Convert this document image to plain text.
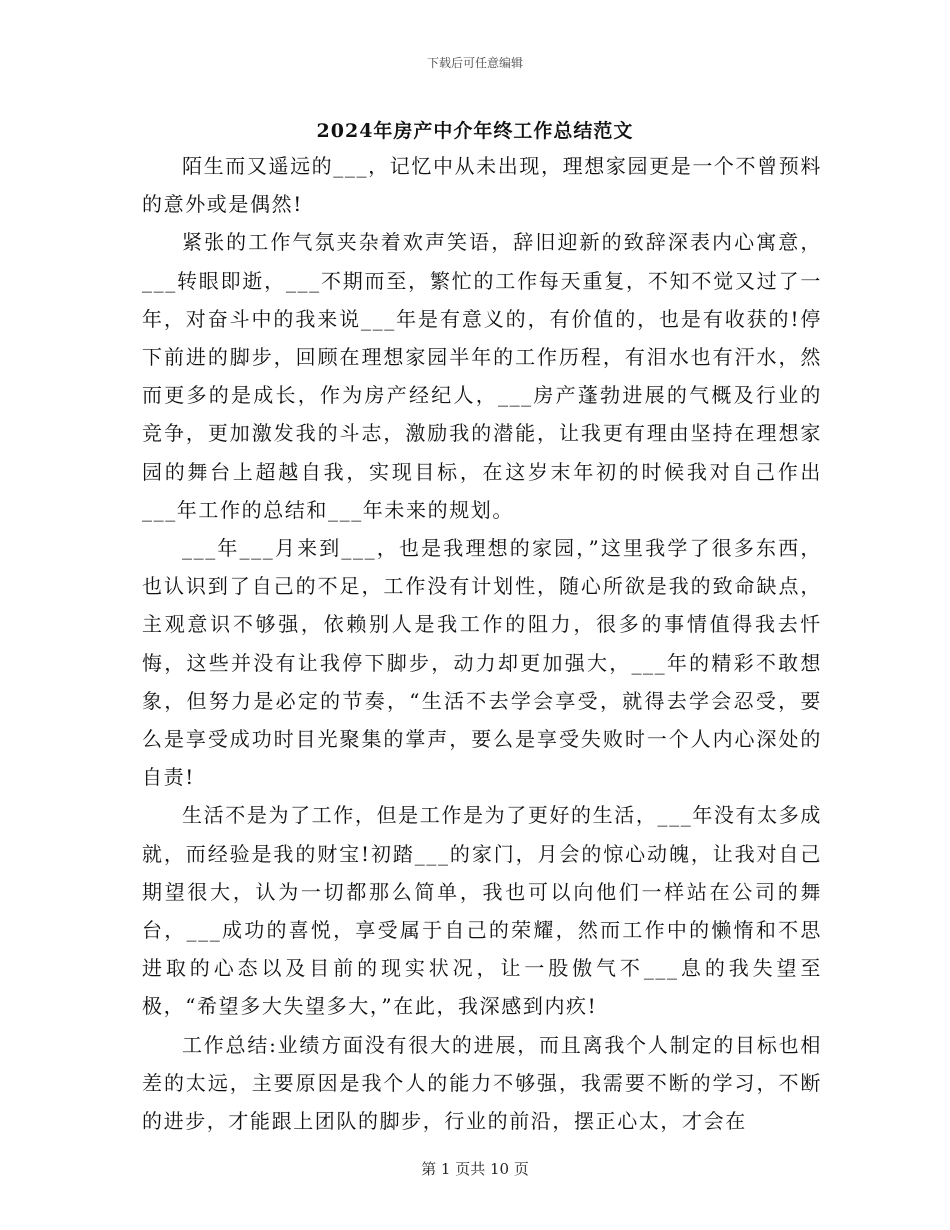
下载后可任意编辑
2024年房产中介年终工作总结范文

陌生而又遥远的___，记忆中从未出现，理想家园更是一个不曾预料的意外或是偶然!

紧张的工作气氛夹杂着欢声笑语，辞旧迎新的致辞深表内心寓意，___转眼即逝，___不期而至，繁忙的工作每天重复，不知不觉又过了一年，对奋斗中的我来说___年是有意义的，有价值的，也是有收获的!停下前进的脚步，回顾在理想家园半年的工作历程，有泪水也有汗水，然而更多的是成长，作为房产经纪人，___房产蓬勃进展的气概及行业的竞争，更加激发我的斗志，激励我的潜能，让我更有理由坚持在理想家园的舞台上超越自我，实现目标，在这岁末年初的时候我对自己作出___年工作的总结和___年未来的规划。

___年___月来到___，也是我理想的家园，”这里我学了很多东西，也认识到了自己的不足，工作没有计划性，随心所欲是我的致命缺点，主观意识不够强，依赖别人是我工作的阻力，很多的事情值得我去忏悔，这些并没有让我停下脚步，动力却更加强大，___年的精彩不敢想象，但努力是必定的节奏，“生活不去学会享受，就得去学会忍受，要么是享受成功时目光聚集的掌声，要么是享受失败时一个人内心深处的自责!

生活不是为了工作，但是工作是为了更好的生活，___年没有太多成就，而经验是我的财宝!初踏___的家门，月会的惊心动魄，让我对自己期望很大，认为一切都那么简单，我也可以向他们一样站在公司的舞台，___成功的喜悦，享受属于自己的荣耀，然而工作中的懒惰和不思进取的心态以及目前的现实状况，让一股傲气不___息的我失望至极，“希望多大失望多大，”在此，我深感到内疚!

工作总结:业绩方面没有很大的进展，而且离我个人制定的目标也相差的太远，主要原因是我个人的能力不够强，我需要不断的学习，不断的进步，才能跟上团队的脚步，行业的前沿，摆正心太，才会在

第 1 页共 10 页
